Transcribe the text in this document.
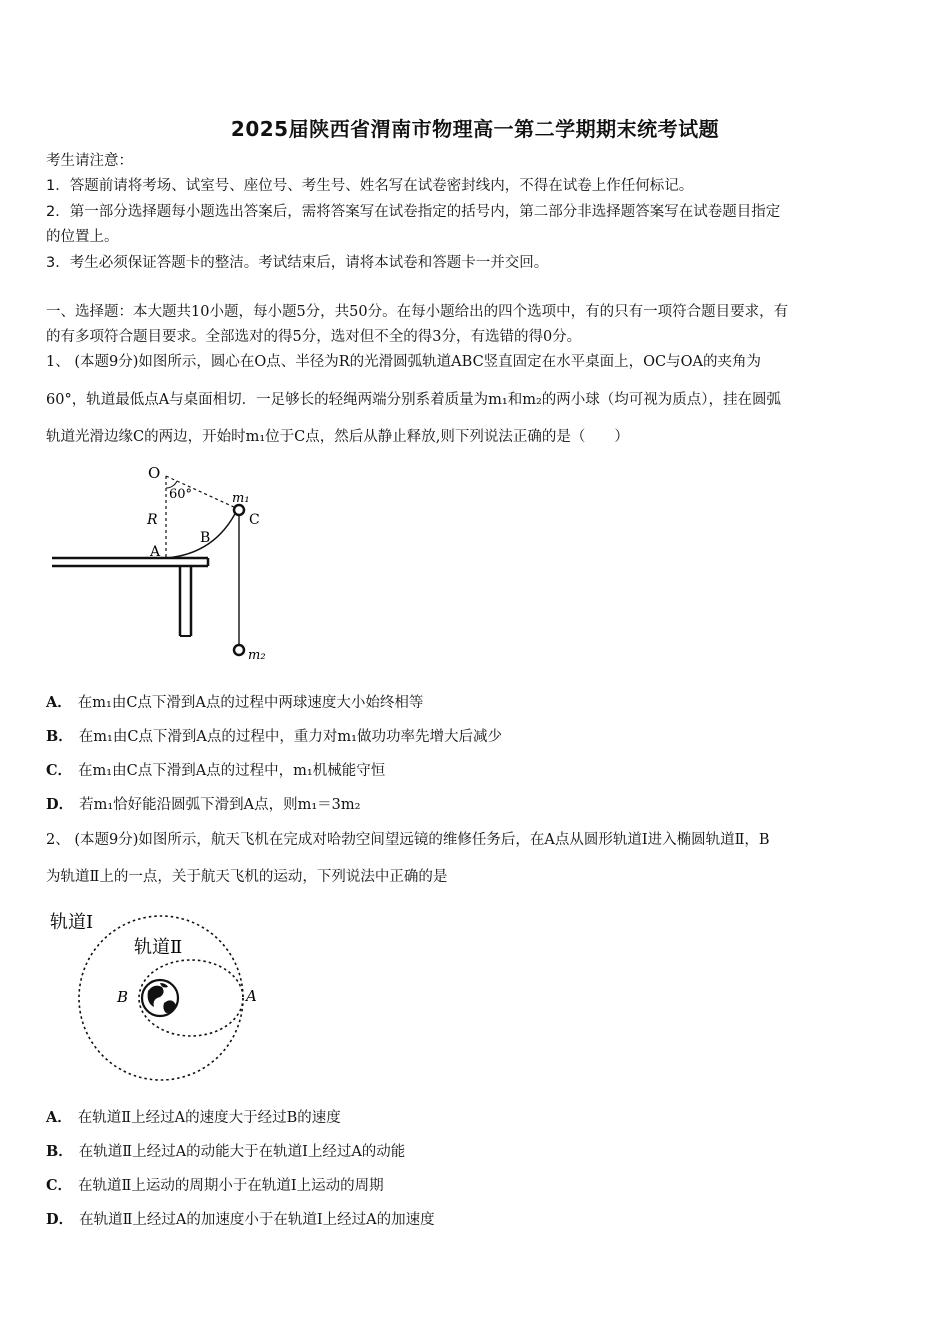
2025届陕西省渭南市物理高一第二学期期末统考试题
考生请注意：
1．答题前请将考场、试室号、座位号、考生号、姓名写在试卷密封线内，不得在试卷上作任何标记。
2．第一部分选择题每小题选出答案后，需将答案写在试卷指定的括号内，第二部分非选择题答案写在试卷题目指定
的位置上。
3．考生必须保证答题卡的整洁。考试结束后，请将本试卷和答题卡一并交回。
一、选择题：本大题共10小题，每小题5分，共50分。在每小题给出的四个选项中，有的只有一项符合题目要求，有
的有多项符合题目要求。全部选对的得5分，选对但不全的得3分，有选错的得0分。
1、 (本题9分)如图所示，圆心在O点、半径为R的光滑圆弧轨道ABC竖直固定在水平桌面上，OC与OA的夹角为
60°，轨道最低点A与桌面相切．一足够长的轻绳两端分别系着质量为m₁和m₂的两小球（均可视为质点），挂在圆弧
轨道光滑边缘C的两边，开始时m₁位于C点，然后从静止释放,则下列说法正确的是（　　）
O
60°
R
A
B
C
m₁
m₂
A． 在m₁由C点下滑到A点的过程中两球速度大小始终相等
B． 在m₁由C点下滑到A点的过程中，重力对m₁做功功率先增大后减少
C． 在m₁由C点下滑到A点的过程中，m₁机械能守恒
D． 若m₁恰好能沿圆弧下滑到A点，则m₁＝3m₂
2、 (本题9分)如图所示，航天飞机在完成对哈勃空间望远镜的维修任务后，在A点从圆形轨道Ⅰ进入椭圆轨道Ⅱ，B
为轨道Ⅱ上的一点，关于航天飞机的运动，下列说法中正确的是
轨道Ⅰ
轨道Ⅱ
A
B
A． 在轨道Ⅱ上经过A的速度大于经过B的速度
B． 在轨道Ⅱ上经过A的动能大于在轨道Ⅰ上经过A的动能
C． 在轨道Ⅱ上运动的周期小于在轨道Ⅰ上运动的周期
D． 在轨道Ⅱ上经过A的加速度小于在轨道Ⅰ上经过A的加速度
